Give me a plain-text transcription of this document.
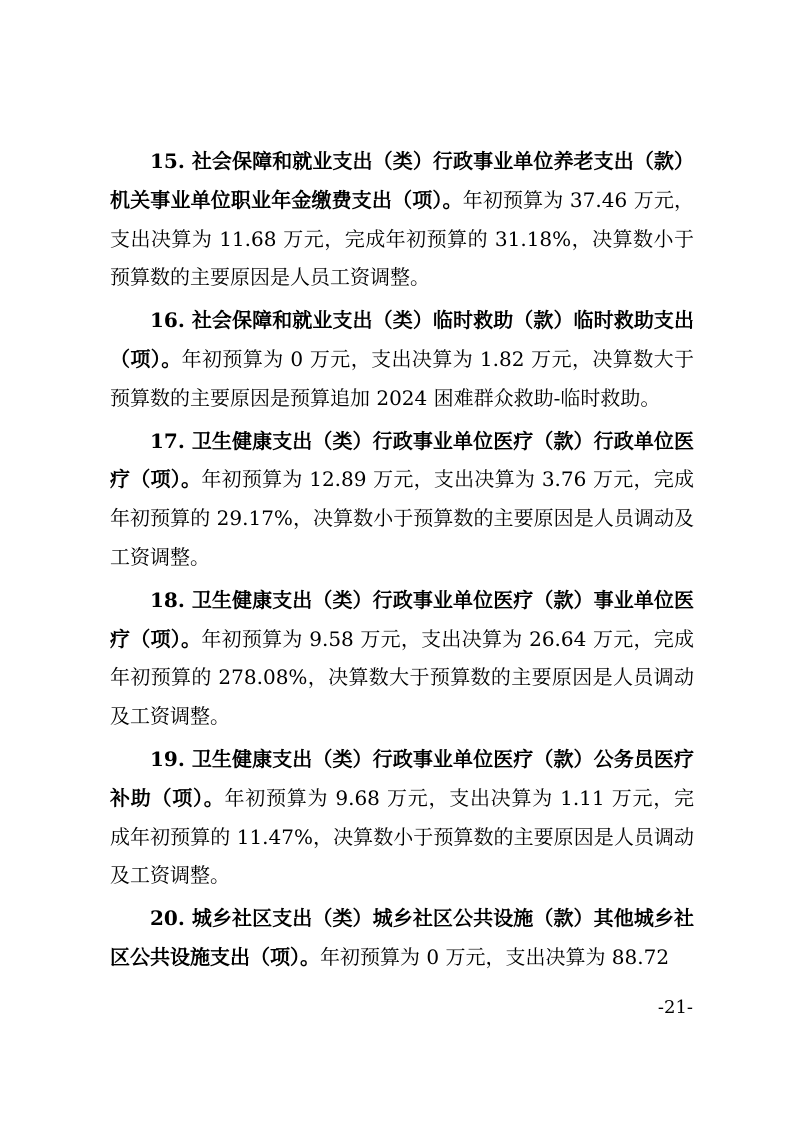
15. 社会保障和就业支出（类）行政事业单位养老支出（款）机关事业单位职业年金缴费支出（项）。年初预算为 37.46 万元，支出决算为 11.68 万元，完成年初预算的 31.18%，决算数小于预算数的主要原因是人员工资调整。

16. 社会保障和就业支出（类）临时救助（款）临时救助支出（项）。年初预算为 0 万元，支出决算为 1.82 万元，决算数大于预算数的主要原因是预算追加 2024 困难群众救助-临时救助。

17. 卫生健康支出（类）行政事业单位医疗（款）行政单位医疗（项）。年初预算为 12.89 万元，支出决算为 3.76 万元，完成年初预算的 29.17%，决算数小于预算数的主要原因是人员调动及工资调整。

18. 卫生健康支出（类）行政事业单位医疗（款）事业单位医疗（项）。年初预算为 9.58 万元，支出决算为 26.64 万元，完成年初预算的 278.08%，决算数大于预算数的主要原因是人员调动及工资调整。

19. 卫生健康支出（类）行政事业单位医疗（款）公务员医疗补助（项）。年初预算为 9.68 万元，支出决算为 1.11 万元，完成年初预算的 11.47%，决算数小于预算数的主要原因是人员调动及工资调整。

20. 城乡社区支出（类）城乡社区公共设施（款）其他城乡社区公共设施支出（项）。年初预算为 0 万元，支出决算为 88.72

-21-
